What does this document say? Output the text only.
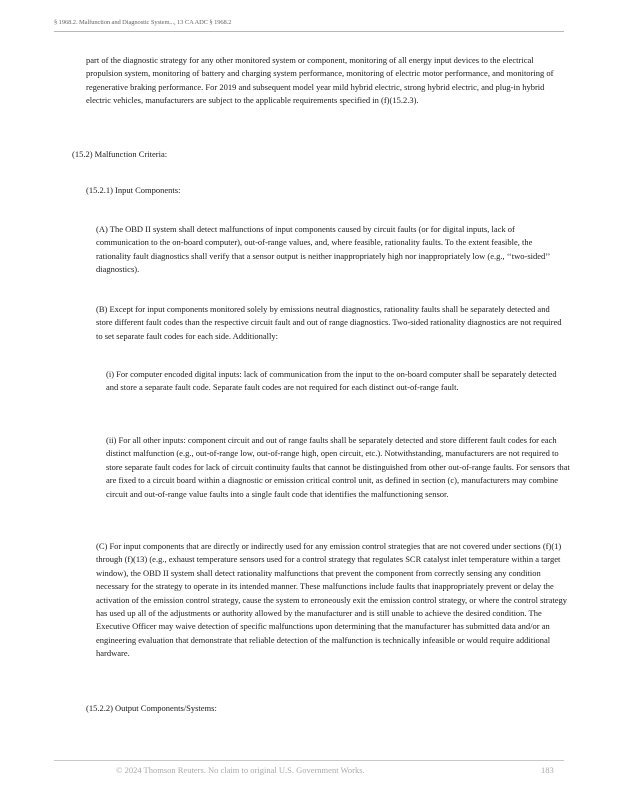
§ 1968.2. Malfunction and Diagnostic System..., 13 CA ADC § 1968.2

part of the diagnostic strategy for any other monitored system or component, monitoring of all energy input devices to the electrical propulsion system, monitoring of battery and charging system performance, monitoring of electric motor performance, and monitoring of regenerative braking performance. For 2019 and subsequent model year mild hybrid electric, strong hybrid electric, and plug-in hybrid electric vehicles, manufacturers are subject to the applicable requirements specified in (f)(15.2.3).

(15.2) Malfunction Criteria:
(15.2.1) Input Components:

(A) The OBD II system shall detect malfunctions of input components caused by circuit faults (or for digital inputs, lack of communication to the on-board computer), out-of-range values, and, where feasible, rationality faults. To the extent feasible, the rationality fault diagnostics shall verify that a sensor output is neither inappropriately high nor inappropriately low (e.g., ‘‘two-sided’’ diagnostics).

(B) Except for input components monitored solely by emissions neutral diagnostics, rationality faults shall be separately detected and store different fault codes than the respective circuit fault and out of range diagnostics. Two-sided rationality diagnostics are not required to set separate fault codes for each side. Additionally:

(i) For computer encoded digital inputs: lack of communication from the input to the on-board computer shall be separately detected and store a separate fault code. Separate fault codes are not required for each distinct out-of-range fault.

(ii) For all other inputs: component circuit and out of range faults shall be separately detected and store different fault codes for each distinct malfunction (e.g., out-of-range low, out-of-range high, open circuit, etc.). Notwithstanding, manufacturers are not required to store separate fault codes for lack of circuit continuity faults that cannot be distinguished from other out-of-range faults. For sensors that are fixed to a circuit board within a diagnostic or emission critical control unit, as defined in section (c), manufacturers may combine circuit and out-of-range value faults into a single fault code that identifies the malfunctioning sensor.

(C) For input components that are directly or indirectly used for any emission control strategies that are not covered under sections (f)(1) through (f)(13) (e.g., exhaust temperature sensors used for a control strategy that regulates SCR catalyst inlet temperature within a target window), the OBD II system shall detect rationality malfunctions that prevent the component from correctly sensing any condition necessary for the strategy to operate in its intended manner. These malfunctions include faults that inappropriately prevent or delay the activation of the emission control strategy, cause the system to erroneously exit the emission control strategy, or where the control strategy has used up all of the adjustments or authority allowed by the manufacturer and is still unable to achieve the desired condition. The Executive Officer may waive detection of specific malfunctions upon determining that the manufacturer has submitted data and/or an engineering evaluation that demonstrate that reliable detection of the malfunction is technically infeasible or would require additional hardware.

(15.2.2) Output Components/Systems:
© 2024 Thomson Reuters. No claim to original U.S. Government Works.	183
